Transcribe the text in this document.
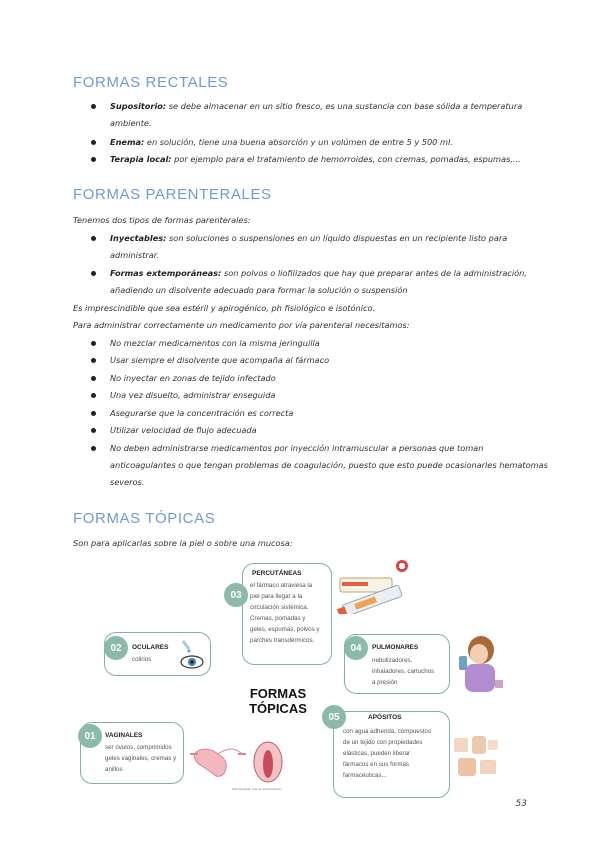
FORMAS RECTALES

Supositorio: se debe almacenar en un sitio fresco, es una sustancia con base sólida a temperatura

ambiente.

Enema: en solución, tiene una buena absorción y un volúmen de entre 5 y 500 ml.

Terapia local: por ejemplo para el tratamiento de hemorroides, con cremas, pomadas, espumas,...

FORMAS PARENTERALES

Tenemos dos tipos de formas parenterales:

Inyectables: son soluciones o suspensiones en un líquido dispuestas en un recipiente listo para

administrar.

Formas extemporáneas: son polvos o liofilizados que hay que preparar antes de la administración,

añadiendo un disolvente adecuado para formar la solución o suspensión

Es imprescindible que sea estéril y apirogénico, ph fisiológico e isotónico.

Para administrar correctamente un medicamento por vía parenteral necesitamos:

No mezclar medicamentos con la misma jeringuilla

Usar siempre el disolvente que acompaña al fármaco

No inyectar en zonas de tejido infectado

Una vez disuelto, administrar enseguida

Asegurarse que la concentración es correcta

Utilizar velocidad de flujo adecuada

No deben administrarse medicamentos por inyección intramuscular a personas que toman

anticoagulantes o que tengan problemas de coagulación, puesto que esto puede ocasionarles hematomas

severos.

FORMAS TÓPICAS

Son para aplicarlas sobre la piel o sobre una mucosa:

03
PERCUTÁNEAS
el fármaco atraviesa la
piel para llegar a la
circulación sistémica.
Cremas, pomadas y
geles, espumas, polvos y
parches transdérmicos.
02	OCULARES
colirios
04	PULMONARES
nebulizadores,
inhaladores, cartuchos
a presión
FORMAS
TÓPICAS
01	VAGINALES
ser óvulos, comprimidos
geles vaginales, cremas y
anillos
Fármacología: vías de administración
05	APÓSITOS
con agua adherida, compuestos
de un tejido con propiedades
elásticas, pueden liberar
fármacos en sus formas
farmacéuticas...
53
